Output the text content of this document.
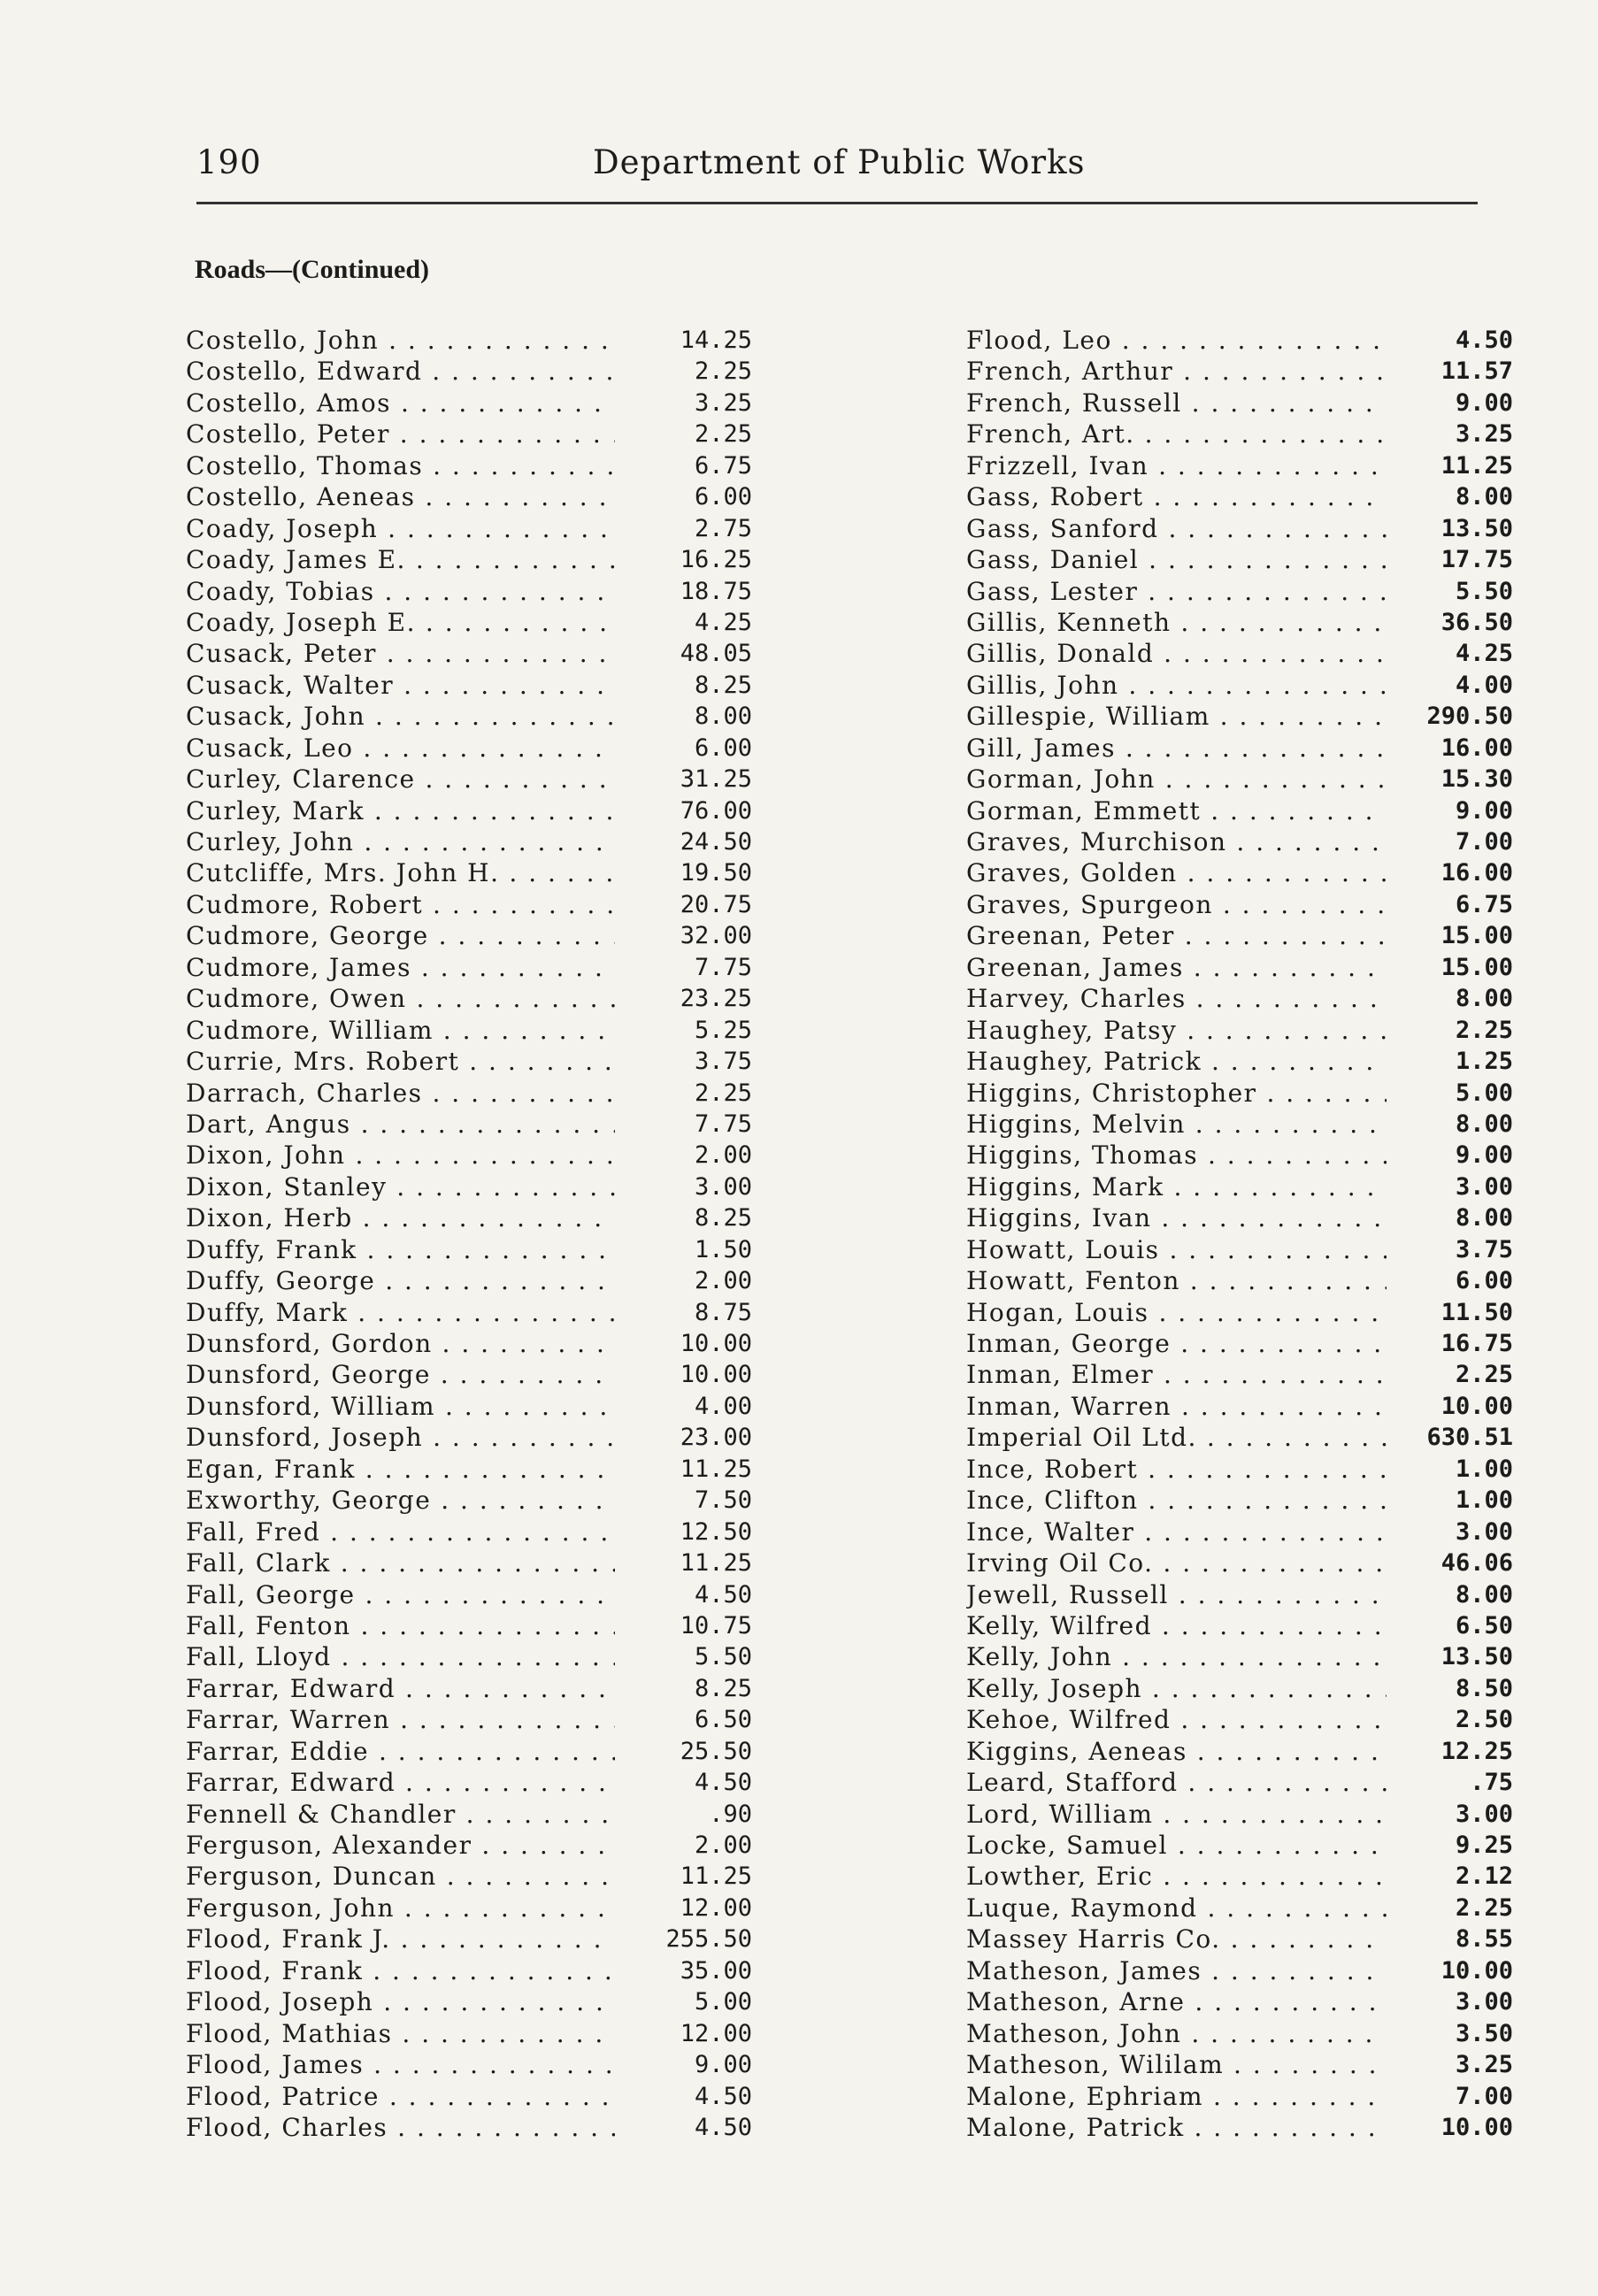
190	Department of Public Works
Roads—(Continued)
Costello, John . . .	14.25
Costello, Edward . . .	2.25
Costello, Amos . . .	3.25
Costello, Peter . . .	2.25
Costello, Thomas . . .	6.75
Costello, Aeneas . . .	6.00
Coady, Joseph . . .	2.75
Coady, James E. . . .	16.25
Coady, Tobias . . .	18.75
Coady, Joseph E. . . .	4.25
Cusack, Peter . . .	48.05
Cusack, Walter . . .	8.25
Cusack, John . . .	8.00
Cusack, Leo . . .	6.00
Curley, Clarence . . .	31.25
Curley, Mark . . .	76.00
Curley, John . . .	24.50
Cutcliffe, Mrs. John H. . . .	19.50
Cudmore, Robert . . .	20.75
Cudmore, George . . .	32.00
Cudmore, James . . .	7.75
Cudmore, Owen . . .	23.25
Cudmore, William . . .	5.25
Currie, Mrs. Robert . . .	3.75
Darrach, Charles . . .	2.25
Dart, Angus . . .	7.75
Dixon, John . . .	2.00
Dixon, Stanley . . .	3.00
Dixon, Herb . . .	8.25
Duffy, Frank . . .	1.50
Duffy, George . . .	2.00
Duffy, Mark . . .	8.75
Dunsford, Gordon . . .	10.00
Dunsford, George . . .	10.00
Dunsford, William . . .	4.00
Dunsford, Joseph . . .	23.00
Egan, Frank . . .	11.25
Exworthy, George . . .	7.50
Fall, Fred . . .	12.50
Fall, Clark . . .	11.25
Fall, George . . .	4.50
Fall, Fenton . . .	10.75
Fall, Lloyd . . .	5.50
Farrar, Edward . . .	8.25
Farrar, Warren . . .	6.50
Farrar, Eddie . . .	25.50
Farrar, Edward . . .	4.50
Fennell & Chandler . . .	.90
Ferguson, Alexander . . .	2.00
Ferguson, Duncan . . .	11.25
Ferguson, John . . .	12.00
Flood, Frank J. . . .	255.50
Flood, Frank . . .	35.00
Flood, Joseph . . .	5.00
Flood, Mathias . . .	12.00
Flood, James . . .	9.00
Flood, Patrice . . .	4.50
Flood, Charles . . .	4.50
Flood, Leo . . .	4.50
French, Arthur . . .	11.57
French, Russell . . .	9.00
French, Art. . . .	3.25
Frizzell, Ivan . . .	11.25
Gass, Robert . . .	8.00
Gass, Sanford . . .	13.50
Gass, Daniel . . .	17.75
Gass, Lester . . .	5.50
Gillis, Kenneth . . .	36.50
Gillis, Donald . . .	4.25
Gillis, John . . .	4.00
Gillespie, William . . .	290.50
Gill, James . . .	16.00
Gorman, John . . .	15.30
Gorman, Emmett . . .	9.00
Graves, Murchison . . .	7.00
Graves, Golden . . .	16.00
Graves, Spurgeon . . .	6.75
Greenan, Peter . . .	15.00
Greenan, James . . .	15.00
Harvey, Charles . . .	8.00
Haughey, Patsy . . .	2.25
Haughey, Patrick . . .	1.25
Higgins, Christopher . . .	5.00
Higgins, Melvin . . .	8.00
Higgins, Thomas . . .	9.00
Higgins, Mark . . .	3.00
Higgins, Ivan . . .	8.00
Howatt, Louis . . .	3.75
Howatt, Fenton . . .	6.00
Hogan, Louis . . .	11.50
Inman, George . . .	16.75
Inman, Elmer . . .	2.25
Inman, Warren . . .	10.00
Imperial Oil Ltd. . . .	630.51
Ince, Robert . . .	1.00
Ince, Clifton . . .	1.00
Ince, Walter . . .	3.00
Irving Oil Co. . . .	46.06
Jewell, Russell . . .	8.00
Kelly, Wilfred . . .	6.50
Kelly, John . . .	13.50
Kelly, Joseph . . .	8.50
Kehoe, Wilfred . . .	2.50
Kiggins, Aeneas . . .	12.25
Leard, Stafford . . .	.75
Lord, William . . .	3.00
Locke, Samuel . . .	9.25
Lowther, Eric . . .	2.12
Luque, Raymond . . .	2.25
Massey Harris Co. . . .	8.55
Matheson, James . . .	10.00
Matheson, Arne . . .	3.00
Matheson, John . . .	3.50
Matheson, Wililam . . .	3.25
Malone, Ephriam . . .	7.00
Malone, Patrick . . .	10.00
